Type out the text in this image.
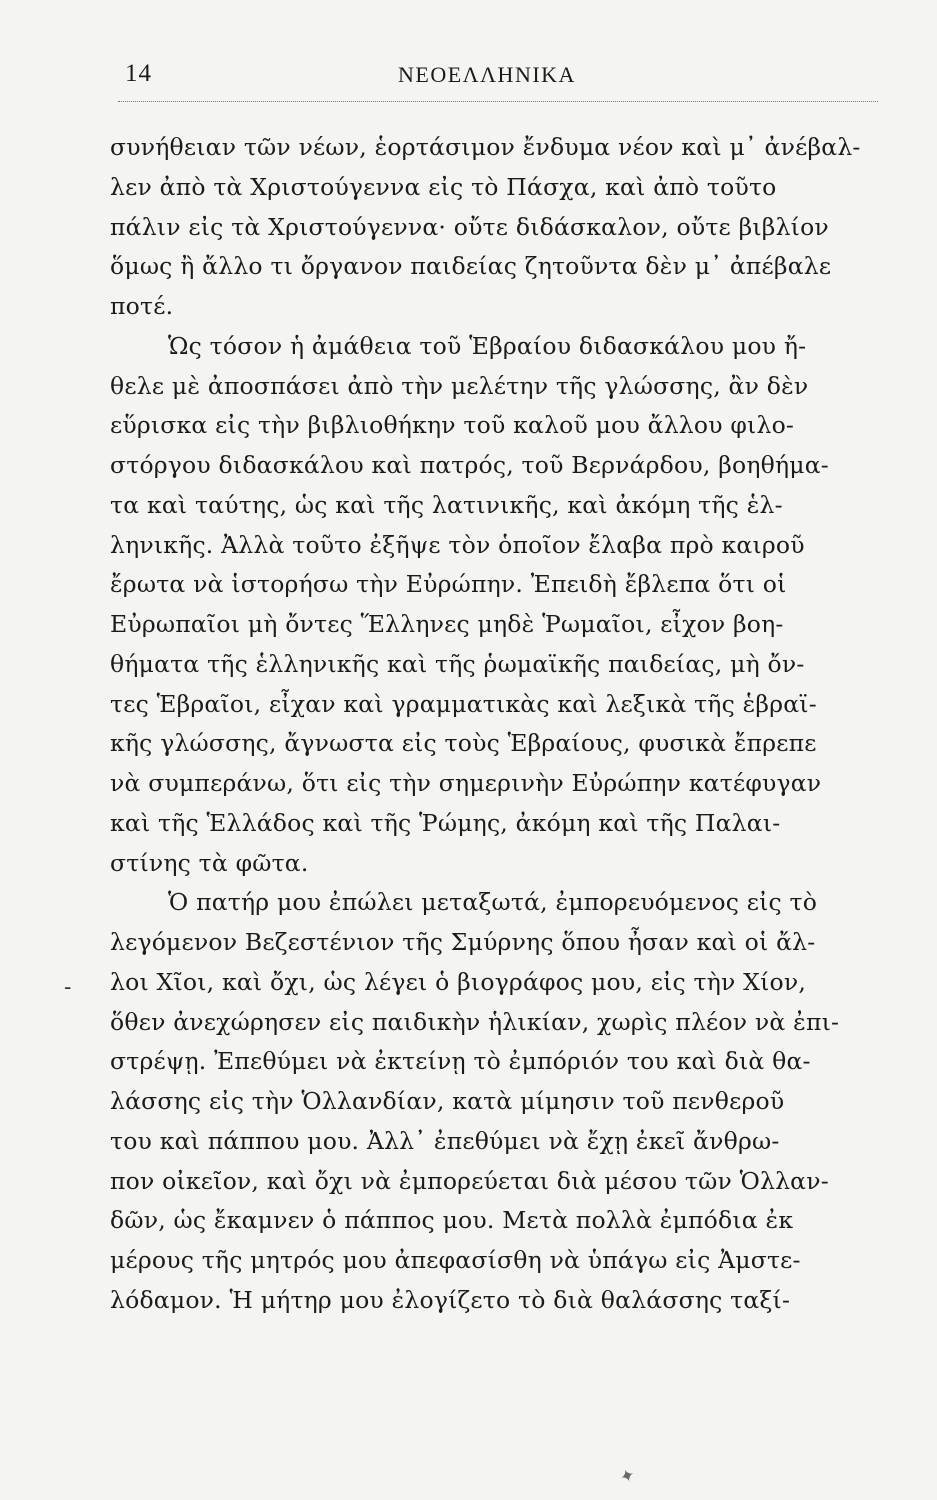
14	ΝΕΟΕΛΛΗΝΙΚΑ
συνήθειαν τῶν νέων, ἑορτάσιμον ἔνδυμα νέον καὶ μ᾽ ἀνέβαλ-
λεν ἀπὸ τὰ Χριστούγεννα εἰς τὸ Πάσχα, καὶ ἀπὸ τοῦτο
πάλιν εἰς τὰ Χριστούγεννα· οὔτε διδάσκαλον, οὔτε βιβλίον
ὅμως ἢ ἄλλο τι ὄργανον παιδείας ζητοῦντα δὲν μ᾽ ἀπέβαλε
ποτέ.
Ὡς τόσον ἡ ἀμάθεια τοῦ Ἑβραίου διδασκάλου μου ἤ-
θελε μὲ ἀποσπάσει ἀπὸ τὴν μελέτην τῆς γλώσσης, ἂν δὲν
εὕρισκα εἰς τὴν βιβλιοθήκην τοῦ καλοῦ μου ἄλλου φιλο-
στόργου διδασκάλου καὶ πατρός, τοῦ Βερνάρδου, βοηθήμα-
τα καὶ ταύτης, ὡς καὶ τῆς λατινικῆς, καὶ ἀκόμη τῆς ἑλ-
ληνικῆς. Ἀλλὰ τοῦτο ἐξῆψε τὸν ὁποῖον ἔλαβα πρὸ καιροῦ
ἔρωτα νὰ ἱστορήσω τὴν Εὐρώπην. Ἐπειδὴ ἔβλεπα ὅτι οἱ
Εὐρωπαῖοι μὴ ὄντες Ἕλληνες μηδὲ Ῥωμαῖοι, εἶχον βοη-
θήματα τῆς ἑλληνικῆς καὶ τῆς ῥωμαϊκῆς παιδείας, μὴ ὄν-
τες Ἑβραῖοι, εἶχαν καὶ γραμματικὰς καὶ λεξικὰ τῆς ἑβραϊ-
κῆς γλώσσης, ἄγνωστα εἰς τοὺς Ἑβραίους, φυσικὰ ἔπρεπε
νὰ συμπεράνω, ὅτι εἰς τὴν σημερινὴν Εὐρώπην κατέφυγαν
καὶ τῆς Ἑλλάδος καὶ τῆς Ῥώμης, ἀκόμη καὶ τῆς Παλαι-
στίνης τὰ φῶτα.
Ὁ πατήρ μου ἐπώλει μεταξωτά, ἐμπορευόμενος εἰς τὸ
λεγόμενον Βεζεστένιον τῆς Σμύρνης ὅπου ἦσαν καὶ οἱ ἄλ-
λοι Χῖοι, καὶ ὄχι, ὡς λέγει ὁ βιογράφος μου, εἰς τὴν Χίον,
ὅθεν ἀνεχώρησεν εἰς παιδικὴν ἡλικίαν, χωρὶς πλέον νὰ ἐπι-
στρέψῃ. Ἐπεθύμει νὰ ἐκτείνῃ τὸ ἐμπόριόν του καὶ διὰ θα-
λάσσης εἰς τὴν Ὁλλανδίαν, κατὰ μίμησιν τοῦ πενθεροῦ
του καὶ πάππου μου. Ἀλλ᾽ ἐπεθύμει νὰ ἔχῃ ἐκεῖ ἄνθρω-
πον οἰκεῖον, καὶ ὄχι νὰ ἐμπορεύεται διὰ μέσου τῶν Ὁλλαν-
δῶν, ὡς ἔκαμνεν ὁ πάππος μου. Μετὰ πολλὰ ἐμπόδια ἐκ
μέρους τῆς μητρός μου ἀπεφασίσθη νὰ ὑπάγω εἰς Ἀμστε-
λόδαμον. Ἡ μήτηρ μου ἐλογίζετο τὸ διὰ θαλάσσης ταξί-
-
✦
